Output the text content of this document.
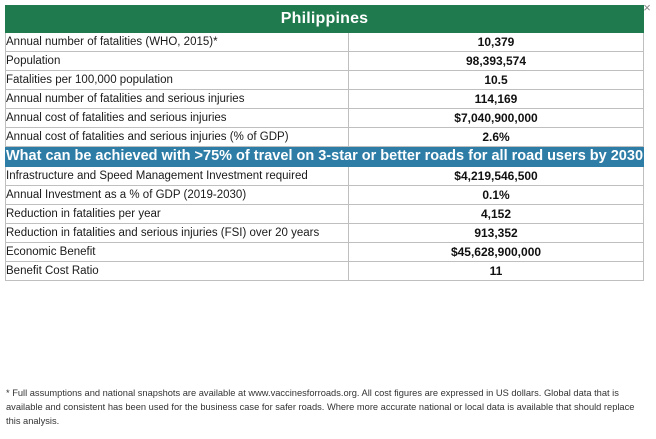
×
Philippines	
Annual number of fatalities (WHO, 2015)*	10,379
Population	98,393,574
Fatalities per 100,000 population	10.5
Annual number of fatalities and serious injuries	114,169
Annual cost of fatalities and serious injuries	$7,040,900,000
Annual cost of fatalities and serious injuries (% of GDP)	2.6%
What can be achieved with >75% of travel on 3-star or better roads for all road users by 2030	
Infrastructure and Speed Management Investment required	$4,219,546,500
Annual Investment as a % of GDP (2019-2030)	0.1%
Reduction in fatalities per year	4,152
Reduction in fatalities and serious injuries (FSI) over 20 years	913,352
Economic Benefit	$45,628,900,000
Benefit Cost Ratio	11
* Full assumptions and national snapshots are available at www.vaccinesforroads.org. All cost figures are expressed in US dollars. Global data that is available and consistent has been used for the business case for safer roads. Where more accurate national or local data is available that should replace this analysis.
